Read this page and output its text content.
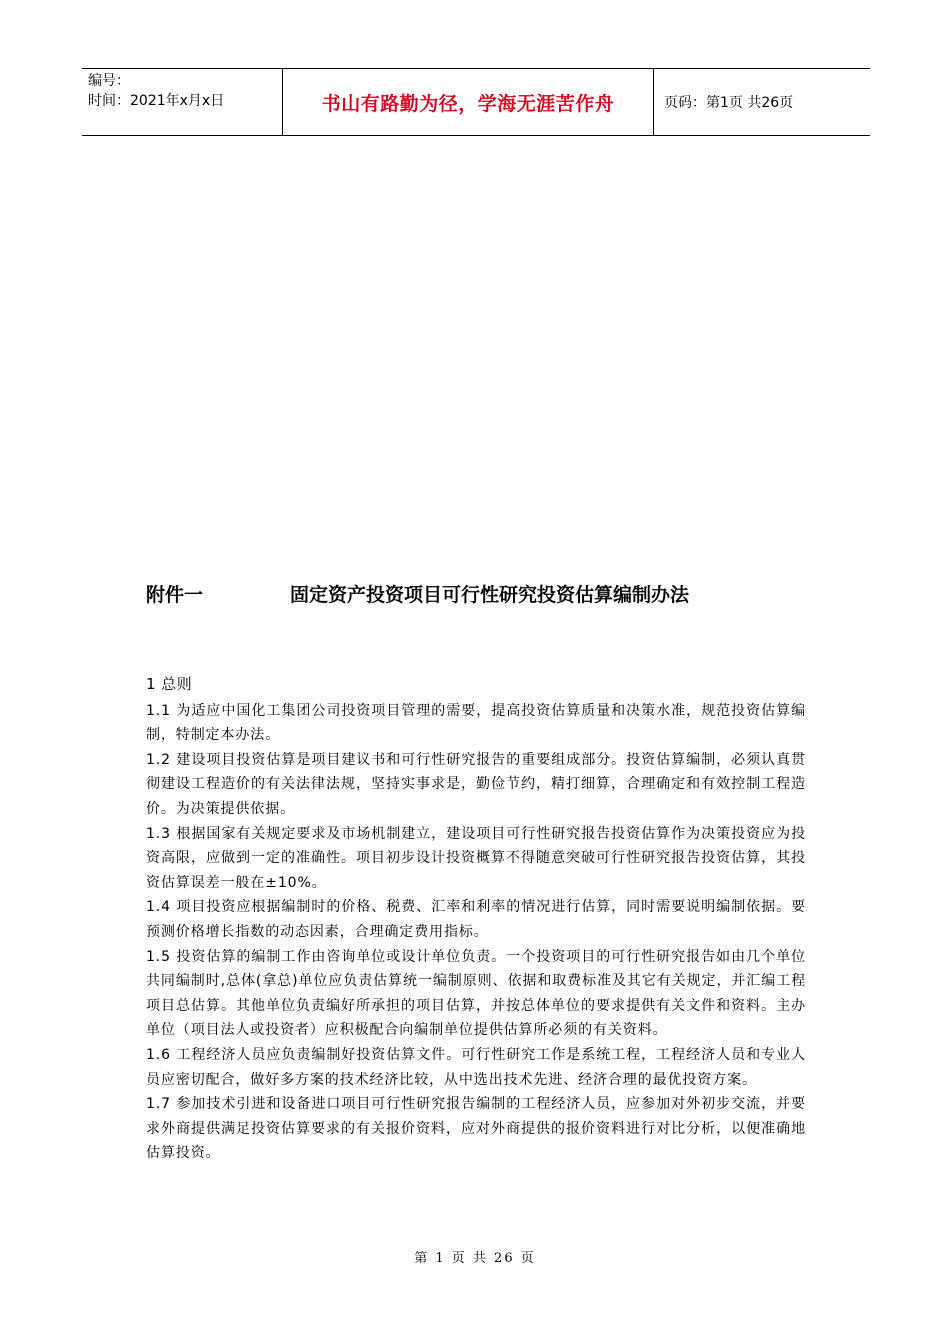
编号：
时间：2021年x月x日	书山有路勤为径，学海无涯苦作舟	页码：第1页 共26页
附件一	固定资产投资项目可行性研究投资估算编制办法
1 总则

1.1 为适应中国化工集团公司投资项目管理的需要，提高投资估算质量和决策水准，规范投资估算编制，特制定本办法。

1.2 建设项目投资估算是项目建议书和可行性研究报告的重要组成部分。投资估算编制，必须认真贯彻建设工程造价的有关法律法规，坚持实事求是，勤俭节约，精打细算，合理确定和有效控制工程造价。为决策提供依据。

1.3 根据国家有关规定要求及市场机制建立，建设项目可行性研究报告投资估算作为决策投资应为投资高限，应做到一定的准确性。项目初步设计投资概算不得随意突破可行性研究报告投资估算，其投资估算误差一般在±10%。

1.4 项目投资应根据编制时的价格、税费、汇率和利率的情况进行估算，同时需要说明编制依据。要预测价格增长指数的动态因素，合理确定费用指标。

1.5 投资估算的编制工作由咨询单位或设计单位负责。一个投资项目的可行性研究报告如由几个单位共同编制时,总体(拿总)单位应负责估算统一编制原则、依据和取费标准及其它有关规定，并汇编工程项目总估算。其他单位负责编好所承担的项目估算，并按总体单位的要求提供有关文件和资料。主办单位（项目法人或投资者）应积极配合向编制单位提供估算所必须的有关资料。

1.6 工程经济人员应负责编制好投资估算文件。可行性研究工作是系统工程，工程经济人员和专业人员应密切配合，做好多方案的技术经济比较，从中选出技术先进、经济合理的最优投资方案。

1.7 参加技术引进和设备进口项目可行性研究报告编制的工程经济人员，应参加对外初步交流，并要求外商提供满足投资估算要求的有关报价资料，应对外商提供的报价资料进行对比分析，以便准确地估算投资。

第 1 页 共 26 页
